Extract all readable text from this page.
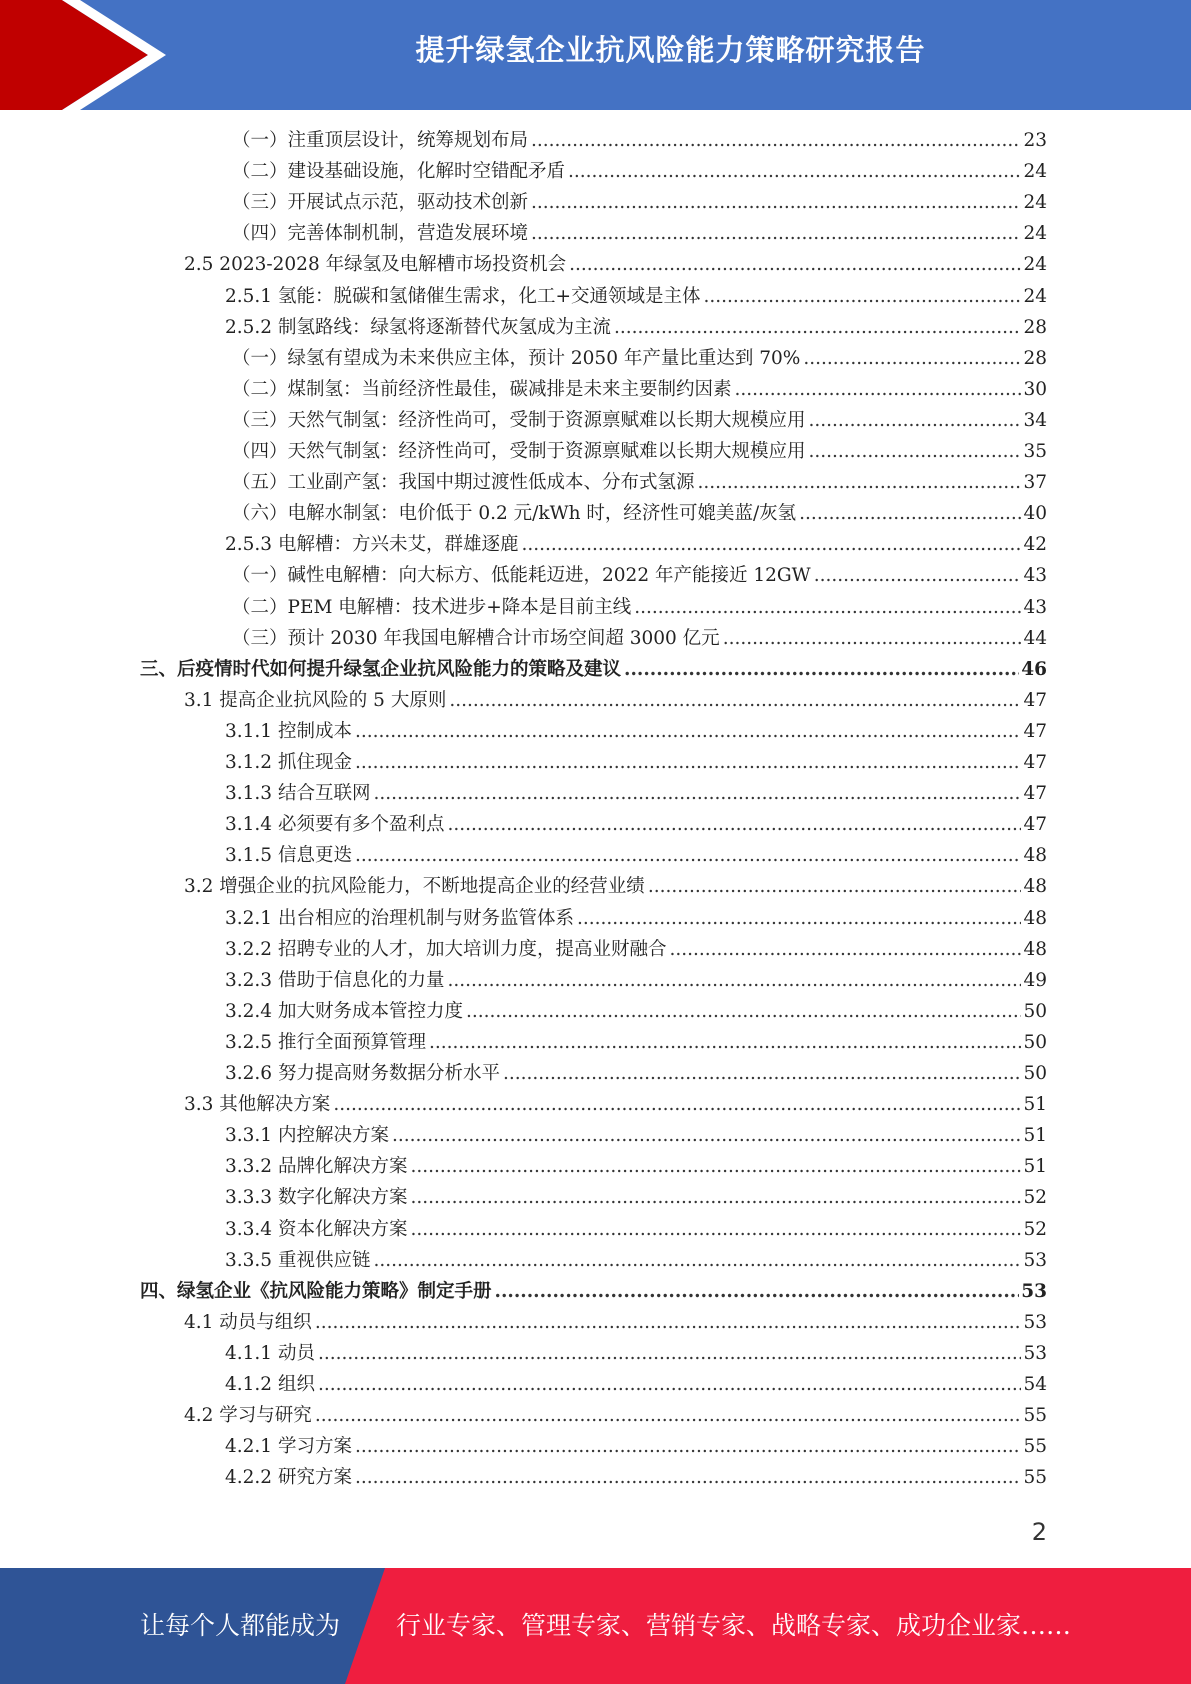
提升绿氢企业抗风险能力策略研究报告
（一）注重顶层设计，统筹规划布局 .....	23
（二）建设基础设施，化解时空错配矛盾 .....	24
（三）开展试点示范，驱动技术创新 .....	24
（四）完善体制机制，营造发展环境 .....	24
2.5 2023-2028 年绿氢及电解槽市场投资机会 .....	24
2.5.1 氢能：脱碳和氢储催生需求，化工+交通领域是主体 .....	24
2.5.2 制氢路线：绿氢将逐渐替代灰氢成为主流 .....	28
（一）绿氢有望成为未来供应主体，预计 2050 年产量比重达到 70% .....	28
（二）煤制氢：当前经济性最佳，碳减排是未来主要制约因素 .....	30
（三）天然气制氢：经济性尚可，受制于资源禀赋难以长期大规模应用 .....	34
（四）天然气制氢：经济性尚可，受制于资源禀赋难以长期大规模应用 .....	35
（五）工业副产氢：我国中期过渡性低成本、分布式氢源 .....	37
（六）电解水制氢：电价低于 0.2 元/kWh 时，经济性可媲美蓝/灰氢 .....	40
2.5.3 电解槽：方兴未艾，群雄逐鹿 .....	42
（一）碱性电解槽：向大标方、低能耗迈进，2022 年产能接近 12GW .....	43
（二）PEM 电解槽：技术进步+降本是目前主线 .....	43
（三）预计 2030 年我国电解槽合计市场空间超 3000 亿元 .....	44
三、后疫情时代如何提升绿氢企业抗风险能力的策略及建议 .....	46
3.1 提高企业抗风险的 5 大原则 .....	47
3.1.1 控制成本 .....	47
3.1.2 抓住现金 .....	47
3.1.3 结合互联网 .....	47
3.1.4 必须要有多个盈利点 .....	47
3.1.5 信息更迭 .....	48
3.2 增强企业的抗风险能力，不断地提高企业的经营业绩 .....	48
3.2.1 出台相应的治理机制与财务监管体系 .....	48
3.2.2 招聘专业的人才，加大培训力度，提高业财融合 .....	48
3.2.3 借助于信息化的力量 .....	49
3.2.4 加大财务成本管控力度 .....	50
3.2.5 推行全面预算管理 .....	50
3.2.6 努力提高财务数据分析水平 .....	50
3.3 其他解决方案 .....	51
3.3.1 内控解决方案 .....	51
3.3.2 品牌化解决方案 .....	51
3.3.3 数字化解决方案 .....	52
3.3.4 资本化解决方案 .....	52
3.3.5 重视供应链 .....	53
四、绿氢企业《抗风险能力策略》制定手册 .....	53
4.1 动员与组织 .....	53
4.1.1 动员 .....	53
4.1.2 组织 .....	54
4.2 学习与研究 .....	55
4.2.1 学习方案 .....	55
4.2.2 研究方案 .....	55
2
让每个人都能成为 行业专家、管理专家、营销专家、战略专家、成功企业家……
